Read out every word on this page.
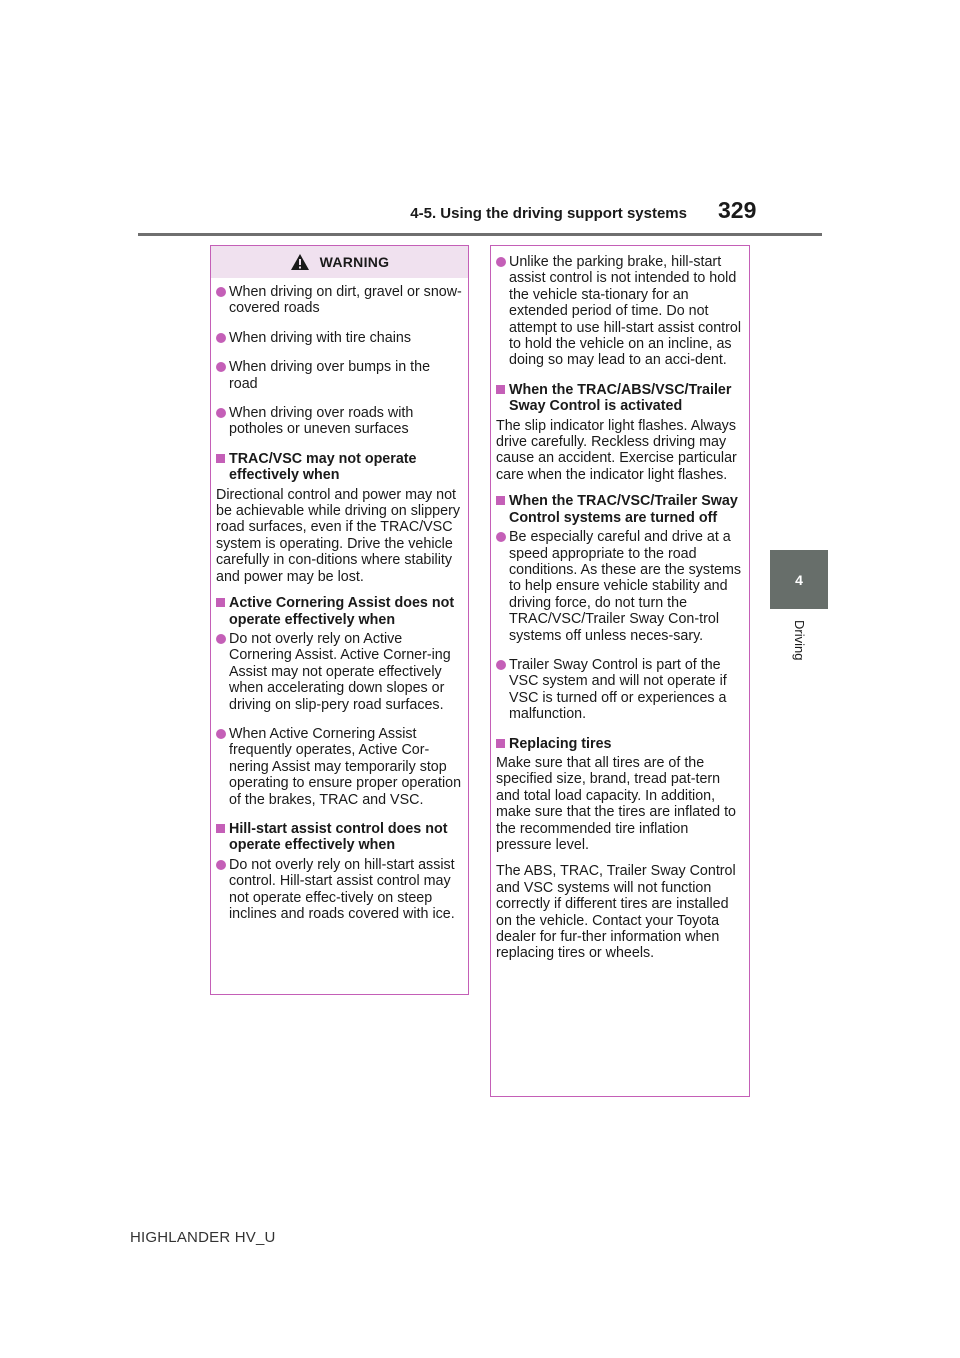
4-5. Using the driving support systems 329
4
Driving
WARNING
When driving on dirt, gravel or snow-covered roads
When driving with tire chains
When driving over bumps in the road
When driving over roads with potholes or uneven surfaces
TRAC/VSC may not operate effectively when
Directional control and power may not be achievable while driving on slippery road surfaces, even if the TRAC/VSC system is operating. Drive the vehicle carefully in con-ditions where stability and power may be lost.
Active Cornering Assist does not operate effectively when
Do not overly rely on Active Cornering Assist. Active Corner-ing Assist may not operate effectively when accelerating down slopes or driving on slip-pery road surfaces.
When Active Cornering Assist frequently operates, Active Cor-nering Assist may temporarily stop operating to ensure proper operation of the brakes, TRAC and VSC.
Hill-start assist control does not operate effectively when
Do not overly rely on hill-start assist control. Hill-start assist control may not operate effec-tively on steep inclines and roads covered with ice.
Unlike the parking brake, hill-start assist control is not intended to hold the vehicle sta-tionary for an extended period of time. Do not attempt to use hill-start assist control to hold the vehicle on an incline, as doing so may lead to an acci-dent.
When the TRAC/ABS/VSC/Trailer Sway Control is activated
The slip indicator light flashes. Always drive carefully. Reckless driving may cause an accident. Exercise particular care when the indicator light flashes.
When the TRAC/VSC/Trailer Sway Control systems are turned off
Be especially careful and drive at a speed appropriate to the road conditions. As these are the systems to help ensure vehicle stability and driving force, do not turn the TRAC/VSC/Trailer Sway Con-trol systems off unless neces-sary.
Trailer Sway Control is part of the VSC system and will not operate if VSC is turned off or experiences a malfunction.
Replacing tires
Make sure that all tires are of the specified size, brand, tread pat-tern and total load capacity. In addition, make sure that the tires are inflated to the recommended tire inflation pressure level.
The ABS, TRAC, Trailer Sway Control and VSC systems will not function correctly if different tires are installed on the vehicle. Contact your Toyota dealer for fur-ther information when replacing tires or wheels.
HIGHLANDER HV_U
